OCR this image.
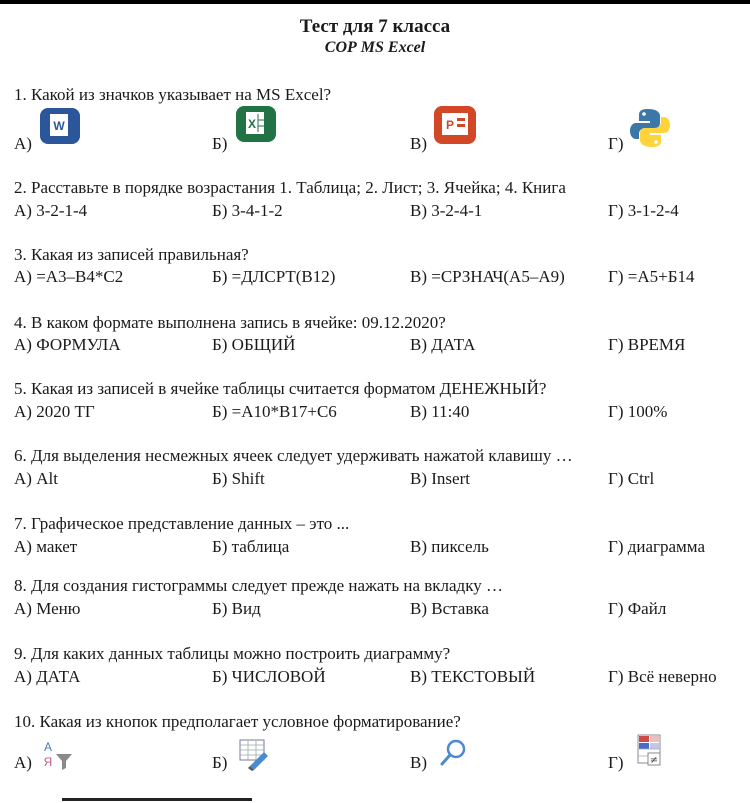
Тест для 7 класса
СОР MS Excel
1. Какой из значков указывает на MS Excel?
А)	Б)	В)	Г)
W	X	P
2. Расставьте в порядке возрастания 1. Таблица; 2. Лист; 3. Ячейка; 4. Книга
А) 3-2-1-4	Б) 3-4-1-2	В) 3-2-4-1	Г) 3-1-2-4
3. Какая из записей правильная?
А) =А3–В4*С2	Б) =ДЛСРТ(В12)	В) =СРЗНАЧ(А5–А9)	Г) =А5+Б14
4. В каком формате выполнена запись в ячейке: 09.12.2020?
А) ФОРМУЛА	Б) ОБЩИЙ	В) ДАТА	Г) ВРЕМЯ
5. Какая из записей в ячейке таблицы считается форматом ДЕНЕЖНЫЙ?
А) 2020 ТГ	Б) =А10*В17+С6	В) 11:40	Г) 100%
6. Для выделения несмежных ячеек следует удерживать нажатой клавишу …
А) Alt	Б) Shift	В) Insert	Г) Ctrl
7. Графическое представление данных – это ...
А) макет	Б) таблица	В) пиксель	Г) диаграмма
8. Для создания гистограммы следует прежде нажать на вкладку …
А) Меню	Б) Вид	В) Вставка	Г) Файл
9. Для каких данных таблицы можно построить диаграмму?
А) ДАТА	Б) ЧИСЛОВОЙ	В) ТЕКСТОВЫЙ	Г) Всё неверно
10. Какая из кнопок предполагает условное форматирование?
А)	Б)	В)	Г)
А
Я	≠
